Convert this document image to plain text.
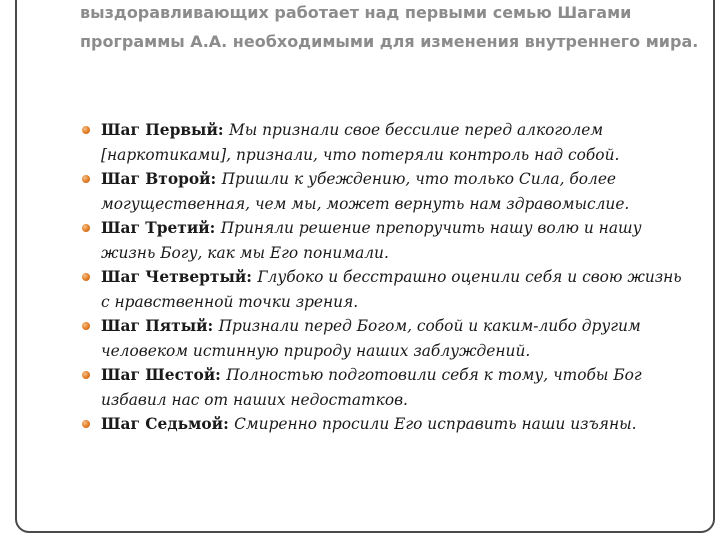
выздоравливающих работает над первыми семью Шагами программы А.А. необходимыми для изменения внутреннего мира.

Шаг Первый: Мы признали свое бессилие перед алкоголем [наркотиками], признали, что потеряли контроль над собой.
Шаг Второй: Пришли к убеждению, что только Сила, более могущественная, чем мы, может вернуть нам здравомыслие.
Шаг Третий: Приняли решение препоручить нашу волю и нашу жизнь Богу, как мы Его понимали.
Шаг Четвертый: Глубоко и бесстрашно оценили себя и свою жизнь с нравственной точки зрения.
Шаг Пятый: Признали перед Богом, собой и каким-либо другим человеком истинную природу наших заблуждений.
Шаг Шестой: Полностью подготовили себя к тому, чтобы Бог избавил нас от наших недостатков.
Шаг Седьмой: Смиренно просили Его исправить наши изъяны.
